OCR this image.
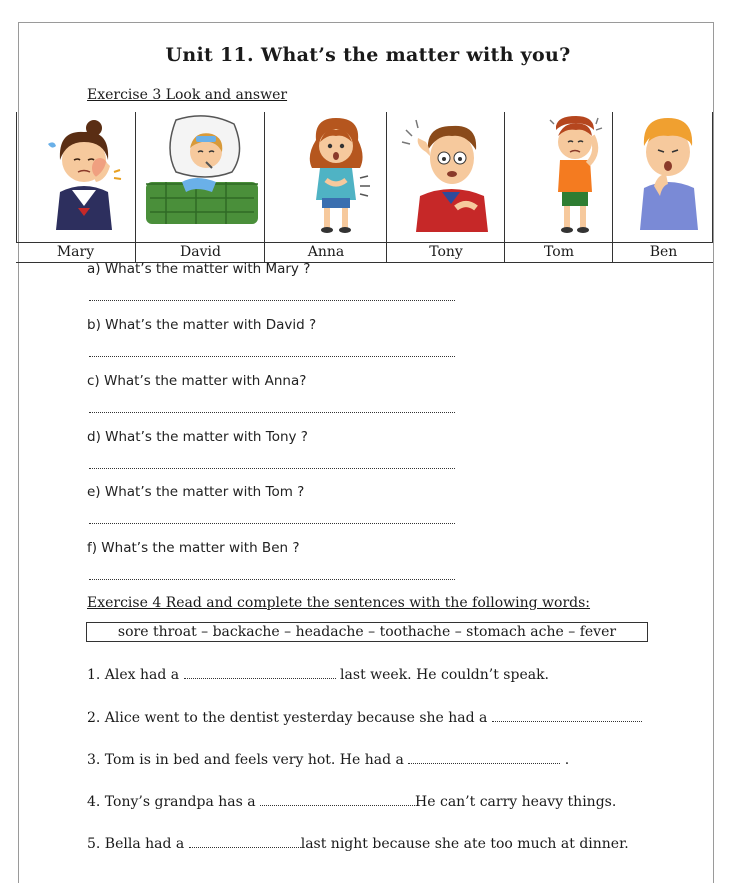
Unit 11. What’s the matter with you?
Exercise 3 Look and answer
Mary	David	Anna	Tony	Tom	Ben
a) What’s the matter with Mary ?
b) What’s the matter with David ?
c) What’s the matter with Anna?
d) What’s the matter with Tony ?
e) What’s the matter with Tom ?
f) What’s the matter with Ben ?
Exercise 4 Read and complete the sentences with the following words:
sore throat – backache – headache – toothache – stomach ache – fever
1. Alex had a	last week. He couldn’t speak.
2. Alice went to the dentist yesterday because she had a
3. Tom is in bed and feels very hot. He had a	.
4. Tony’s grandpa has a	He can’t carry heavy things.
5. Bella had a	last night because she ate too much at dinner.
